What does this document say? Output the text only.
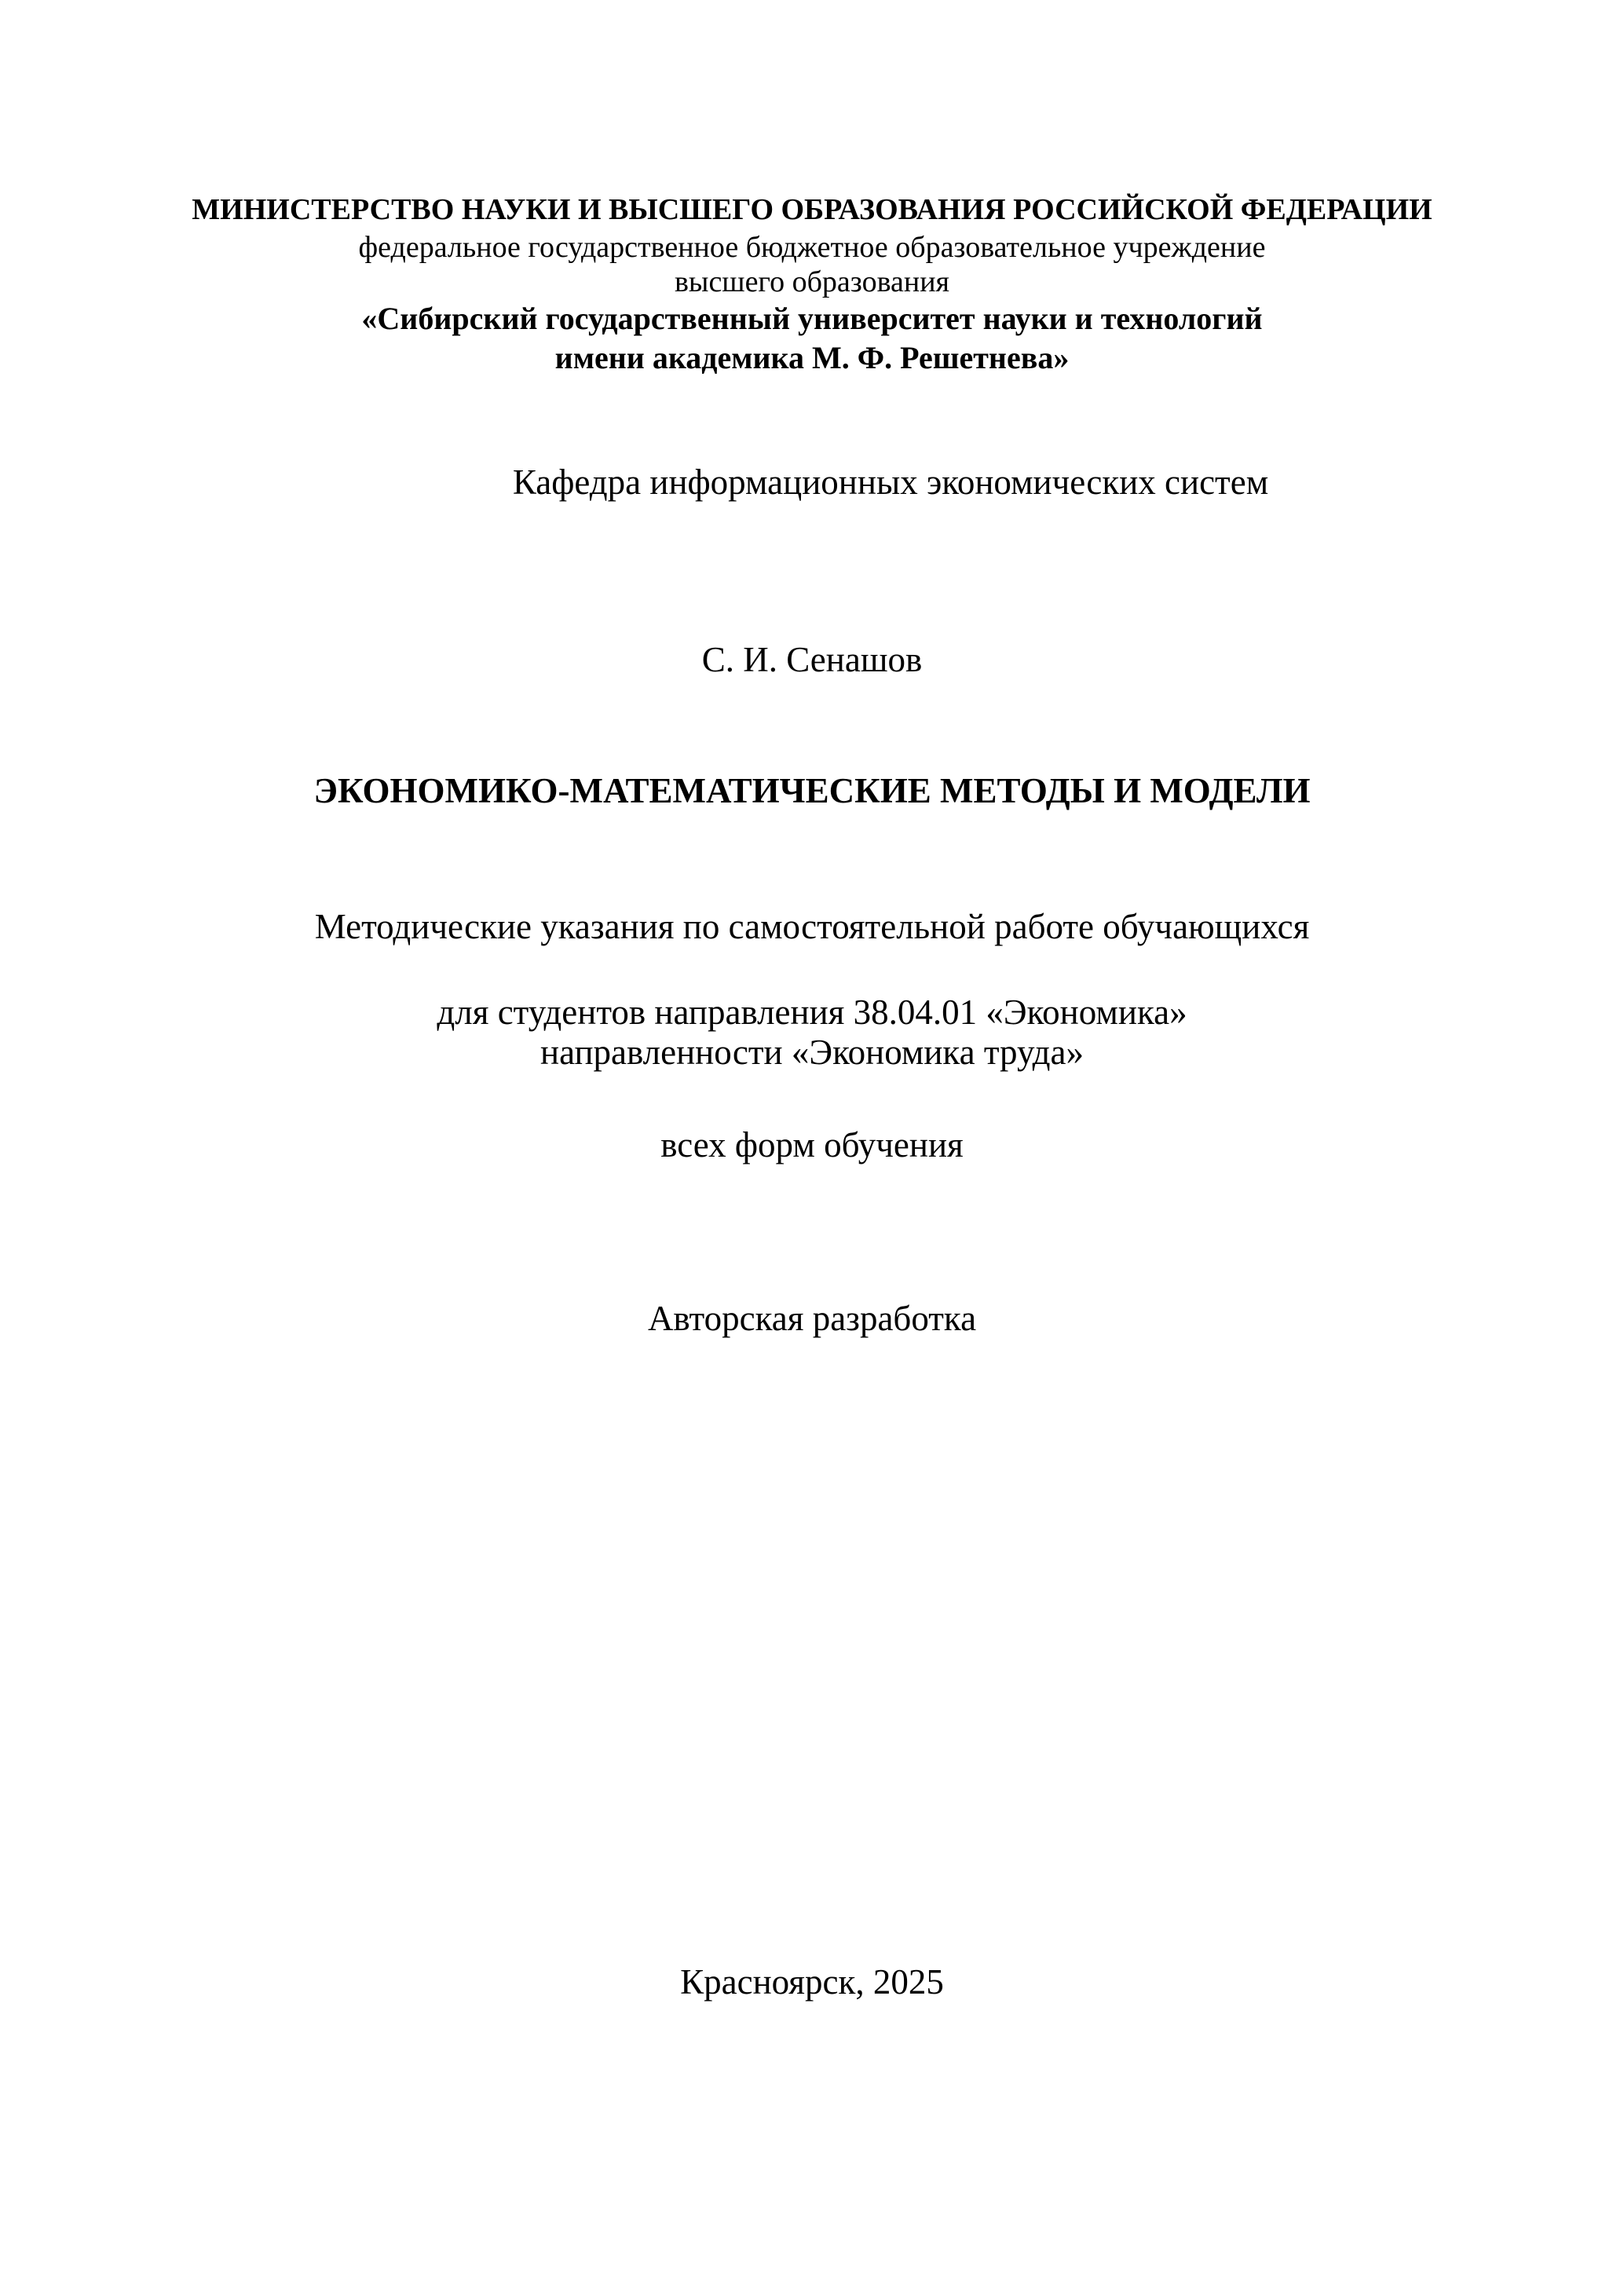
МИНИСТЕРСТВО НАУКИ И ВЫСШЕГО ОБРАЗОВАНИЯ РОССИЙСКОЙ ФЕДЕРАЦИИ
федеральное государственное бюджетное образовательное учреждение
высшего образования
«Сибирский государственный университет науки и технологий
имени академика М. Ф. Решетнева»
Кафедра информационных экономических систем
С. И. Сенашов
ЭКОНОМИКО-МАТЕМАТИЧЕСКИЕ МЕТОДЫ И МОДЕЛИ
Методические указания по самостоятельной работе обучающихся
для студентов направления 38.04.01 «Экономика»
направленности «Экономика труда»
всех форм обучения
Авторская разработка
Красноярск, 2025
